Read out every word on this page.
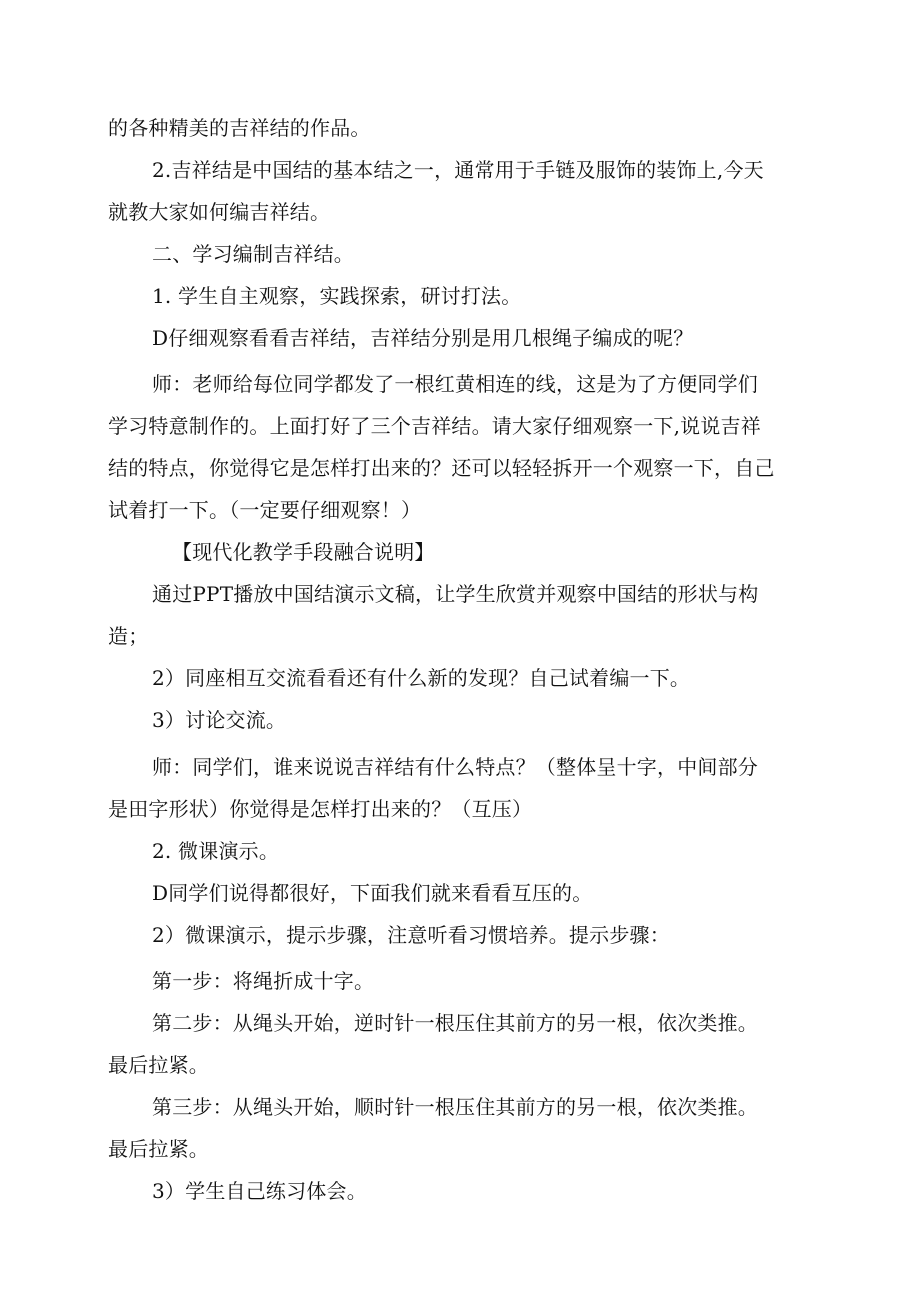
的各种精美的吉祥结的作品。
2.吉祥结是中国结的基本结之一，通常用于手链及服饰的装饰上,今天
就教大家如何编吉祥结。
二、学习编制吉祥结。
1. 学生自主观察，实践探索，研讨打法。
D仔细观察看看吉祥结，吉祥结分别是用几根绳子编成的呢？
师：老师给每位同学都发了一根红黄相连的线，这是为了方便同学们
学习特意制作的。上面打好了三个吉祥结。请大家仔细观察一下,说说吉祥
结的特点，你觉得它是怎样打出来的？还可以轻轻拆开一个观察一下，自己
试着打一下。（一定要仔细观察！）
【现代化教学手段融合说明】
通过PPT播放中国结演示文稿，让学生欣赏并观察中国结的形状与构
造；
2）同座相互交流看看还有什么新的发现？自己试着编一下。
3）讨论交流。
师：同学们，谁来说说吉祥结有什么特点？（整体呈十字，中间部分
是田字形状）你觉得是怎样打出来的？（互压）
2. 微课演示。
D同学们说得都很好，下面我们就来看看互压的。
2）微课演示，提示步骤，注意听看习惯培养。提示步骤：
第一步：将绳折成十字。
第二步：从绳头开始，逆时针一根压住其前方的另一根，依次类推。
最后拉紧。
第三步：从绳头开始，顺时针一根压住其前方的另一根，依次类推。
最后拉紧。
3）学生自己练习体会。
